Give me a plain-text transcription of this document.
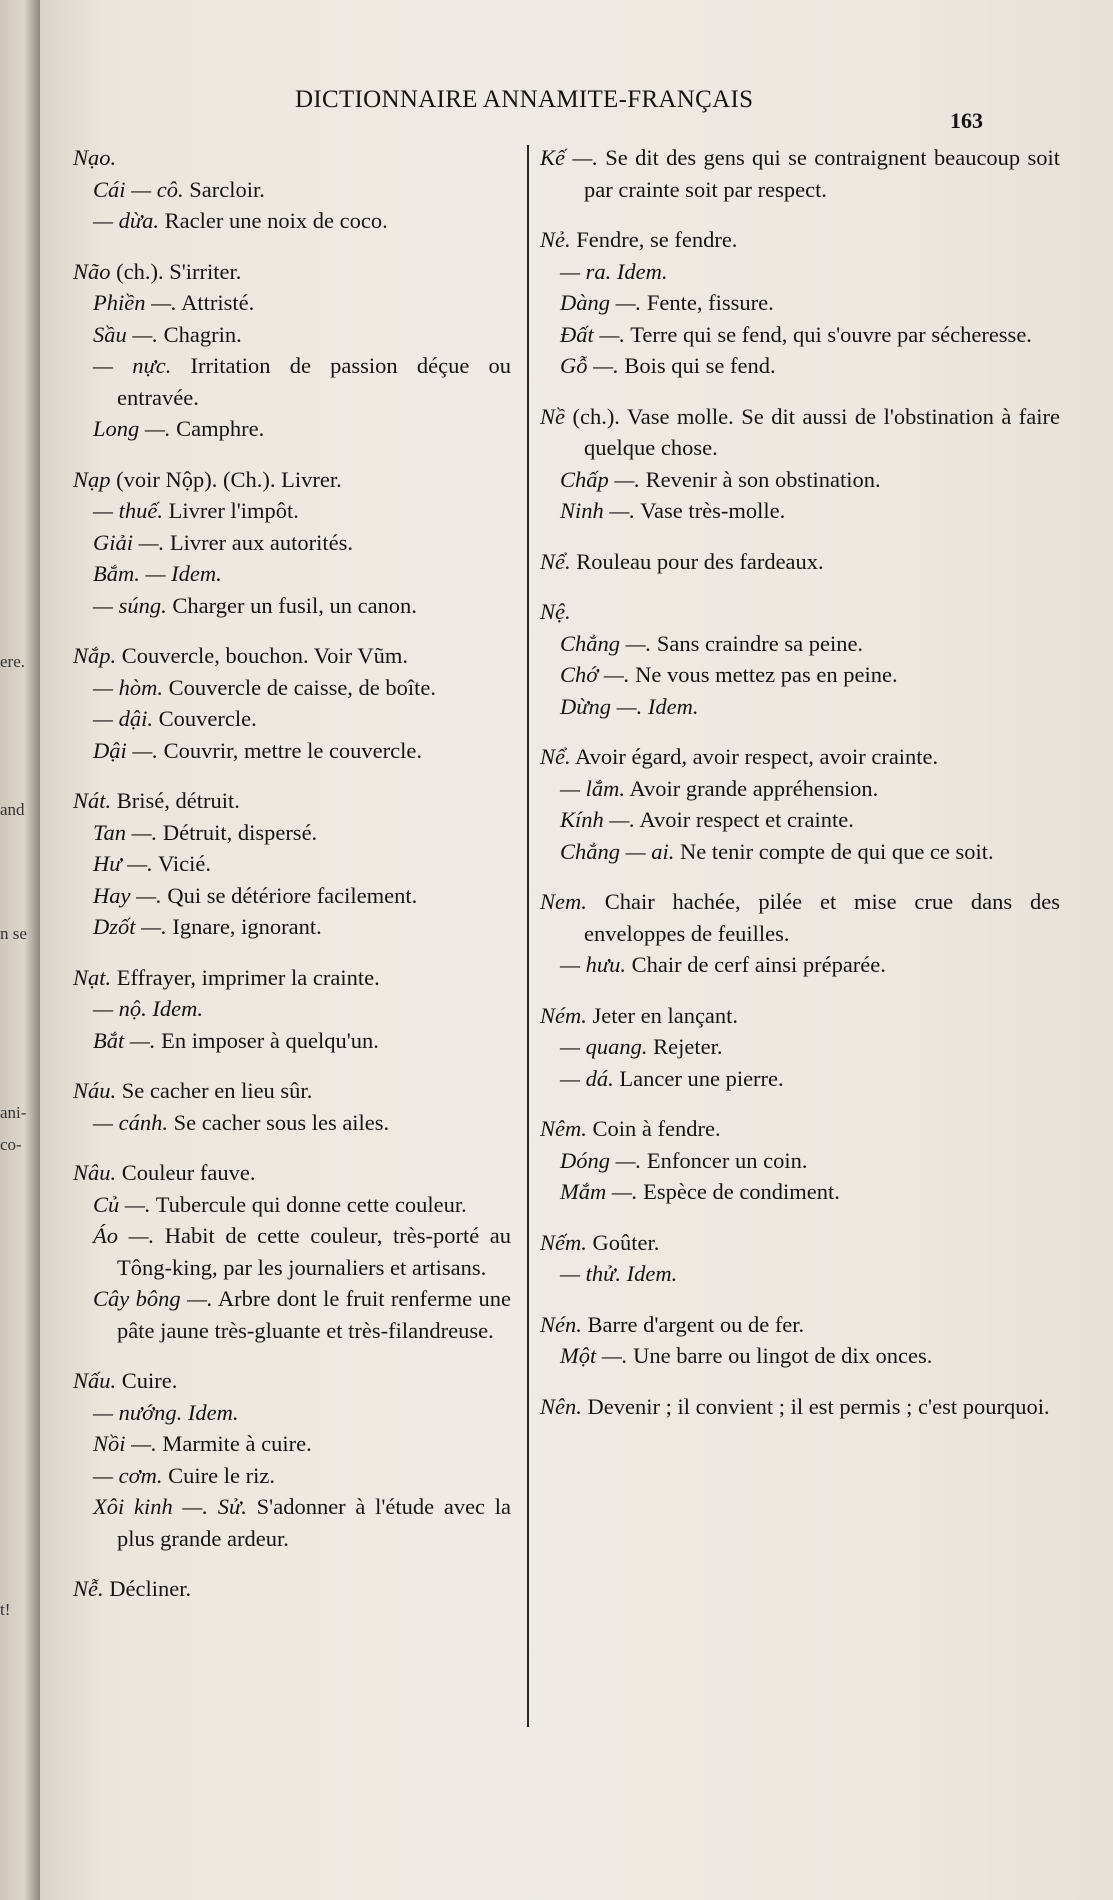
ere.
and
n se
ani-
co-
t!
DICTIONNAIRE ANNAMITE-FRANÇAIS
163
Nạo.
Cái — cô. Sarcloir.
— dừa. Racler une noix de coco.
Não (ch.). S'irriter.
Phiền —. Attristé.
Sầu —. Chagrin.
— nực. Irritation de passion déçue ou entravée.
Long —. Camphre.
Nạp (voir Nộp). (Ch.). Livrer.
— thuế. Livrer l'impôt.
Giải —. Livrer aux autorités.
Bắm. — Idem.
— súng. Charger un fusil, un canon.
Nắp. Couvercle, bouchon. Voir Vũm.
— hòm. Couvercle de caisse, de boîte.
— dậi. Couvercle.
Dậi —. Couvrir, mettre le couvercle.
Nát. Brisé, détruit.
Tan —. Détruit, dispersé.
Hư —. Vicié.
Hay —. Qui se détériore facilement.
Dzốt —. Ignare, ignorant.
Nạt. Effrayer, imprimer la crainte.
— nộ. Idem.
Bắt —. En imposer à quelqu'un.
Náu. Se cacher en lieu sûr.
— cánh. Se cacher sous les ailes.
Nâu. Couleur fauve.
Củ —. Tubercule qui donne cette couleur.
Áo —. Habit de cette couleur, très-porté au Tông-king, par les journaliers et artisans.
Cây bông —. Arbre dont le fruit renferme une pâte jaune très-gluante et très-filandreuse.
Nấu. Cuire.
— nướng. Idem.
Nồi —. Marmite à cuire.
— cơm. Cuire le riz.
Xôi kinh —. Sử. S'adonner à l'étude avec la plus grande ardeur.
Nễ. Décliner.
Kế —. Se dit des gens qui se contraignent beaucoup soit par crainte soit par respect.
Nẻ. Fendre, se fendre.
— ra. Idem.
Dàng —. Fente, fissure.
Đất —. Terre qui se fend, qui s'ouvre par sécheresse.
Gỗ —. Bois qui se fend.
Nề (ch.). Vase molle. Se dit aussi de l'obstination à faire quelque chose.
Chấp —. Revenir à son obstination.
Ninh —. Vase très-molle.
Nể. Rouleau pour des fardeaux.
Nệ.
Chẳng —. Sans craindre sa peine.
Chớ —. Ne vous mettez pas en peine.
Dừng —. Idem.
Nể. Avoir égard, avoir respect, avoir crainte.
— lắm. Avoir grande appréhension.
Kính —. Avoir respect et crainte.
Chẳng — ai. Ne tenir compte de qui que ce soit.
Nem. Chair hachée, pilée et mise crue dans des enveloppes de feuilles.
— hưu. Chair de cerf ainsi préparée.
Ném. Jeter en lançant.
— quang. Rejeter.
— dá. Lancer une pierre.
Nêm. Coin à fendre.
Dóng —. Enfoncer un coin.
Mắm —. Espèce de condiment.
Nếm. Goûter.
— thử. Idem.
Nén. Barre d'argent ou de fer.
Một —. Une barre ou lingot de dix onces.
Nên. Devenir ; il convient ; il est permis ; c'est pourquoi.
